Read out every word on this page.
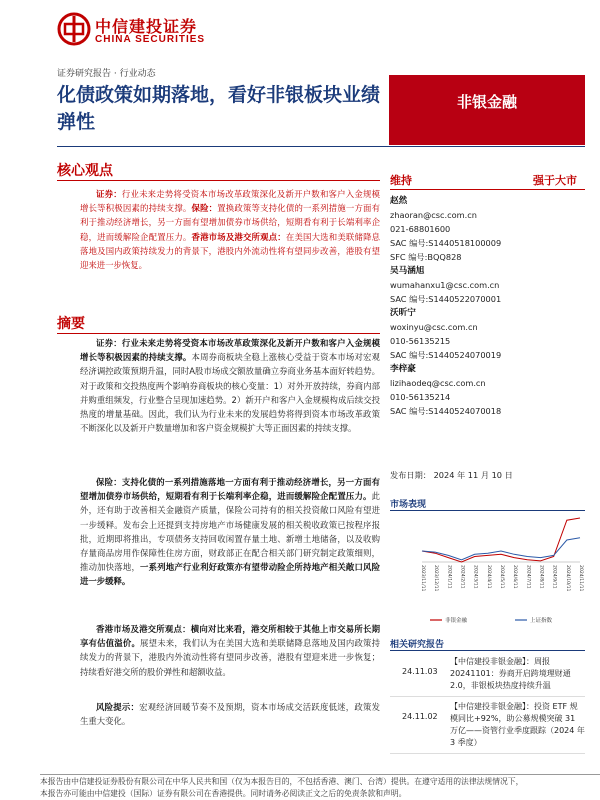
中信建投证券
CHINA SECURITIES
证券研究报告 · 行业动态
化债政策如期落地，看好非银板块业绩弹性
非银金融
核心观点
证券：行业未来走势将受资本市场改革政策深化及新开户数和客户入金规模增长等积极因素的持续支撑。保险：置换政策等支持化债的一系列措施一方面有利于推动经济增长，另一方面有望增加债券市场供给，短期看有利于长端利率企稳，进而缓解险企配置压力。香港市场及港交所观点：在美国大选和美联储降息落地及国内政策持续发力的背景下，港股内外流动性将有望同步改善，港股有望迎来进一步恢复。
摘要
证券：行业未来走势将受资本市场改革政策深化及新开户数和客户入金规模增长等积极因素的持续支撑。本周券商板块全稳上涨核心受益于资本市场对宏观经济调控政策预期升温，同时A股市场成交额放量确立券商业务基本面好转趋势。对于政策和交投热度两个影响券商板块的核心变量：1）对外开放持续，券商内部并购重组频发，行业整合呈现加速趋势。2）新开户和客户入金规模构成后续交投热度的增量基础。因此，我们认为行业未来的发展趋势将得到资本市场改革政策不断深化以及新开户数量增加和客户资金规模扩大等正面因素的持续支撑。
保险：支持化债的一系列措施落地一方面有利于推动经济增长，另一方面有望增加债券市场供给，短期看有利于长端利率企稳，进而缓解险企配置压力。此外，还有助于改善相关金融资产质量，保险公司持有的相关投资敞口风险有望进一步缓释。发布会上还提到支持房地产市场健康发展的相关税收政策已按程序报批，近期即将推出，专项债务支持回收闲置存量土地、新增土地储备，以及收购存量商品房用作保障性住房方面，财政部正在配合相关部门研究制定政策细则，推动加快落地，一系列地产行业利好政策亦有望带动险企所持地产相关敞口风险进一步缓释。
香港市场及港交所观点：横向对比来看，港交所相较于其他上市交易所长期享有估值溢价。展望未来，我们认为在美国大选和美联储降息落地及国内政策持续发力的背景下，港股内外流动性将有望同步改善，港股有望迎来进一步恢复；持续看好港交所的股价弹性和超额收益。
风险提示：宏观经济回暖节奏不及预期，资本市场成交活跃度低迷，政策发生重大变化。
维持	强于大市
赵然
zhaoran@csc.com.cn
021-68801600
SAC 编号:S1440518100009
SFC 编号:BQQ828
吴马涵旭
wumahanxu1@csc.com.cn
SAC 编号:S1440522070001
沃昕宁
woxinyu@csc.com.cn
010-56135215
SAC 编号:S1440524070019
李梓豪
lizihaodeq@csc.com.cn
010-56135214
SAC 编号:S1440524070018
发布日期： 2024 年 11 月 10 日
市场表现
2023/11/11 2023/12/11 2024/1/11 2024/2/11 2024/3/11 2024/4/11 2024/5/11 2024/6/11 2024/7/11 2024/8/11 2024/9/11 2024/10/11 2024/11/11
非银金融	上证指数
相关研究报告
24.11.03
【中信建投非银金融】：周报 20241101：券商开启跨境理财通 2.0，非银板块热度持续升温
24.11.02
【中信建投非银金融】：投资 ETF 规模同比+92%，助公募规模突破 31 万亿——资管行业季度跟踪（2024 年 3 季度）
本报告由中信建投证券股份有限公司在中华人民共和国（仅为本报告目的，不包括香港、澳门、台湾）提供。在遵守适用的法律法规情况下，
本报告亦可能由中信建投（国际）证券有限公司在香港提供。同时请务必阅读正文之后的免责条款和声明。
